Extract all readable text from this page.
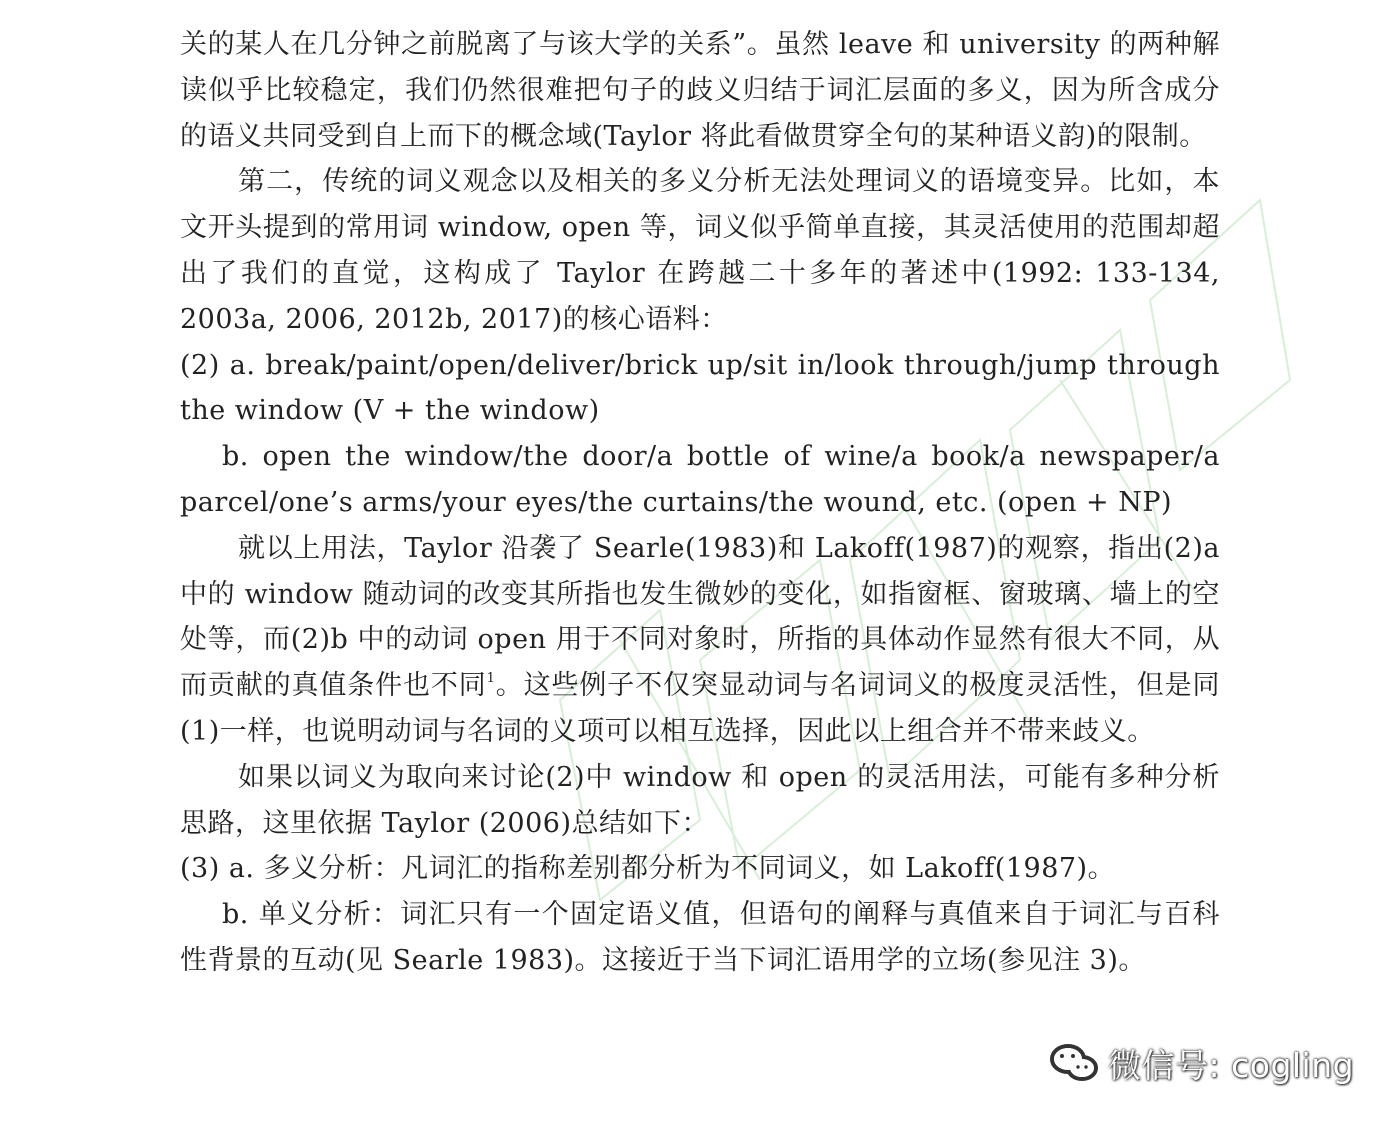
关的某人在几分钟之前脱离了与该大学的关系”。虽然 leave 和 university 的两种解读似乎比较稳定，我们仍然很难把句子的歧义归结于词汇层面的多义，因为所含成分的语义共同受到自上而下的概念域(Taylor 将此看做贯穿全句的某种语义韵)的限制。

第二，传统的词义观念以及相关的多义分析无法处理词义的语境变异。比如，本文开头提到的常用词 window, open 等，词义似乎简单直接，其灵活使用的范围却超出了我们的直觉，这构成了 Taylor 在跨越二十多年的著述中(1992: 133-134, 2003a, 2006, 2012b, 2017)的核心语料：

(2) a. break/paint/open/deliver/brick up/sit in/look through/jump through the window (V + the window)

b. open the window/the door/a bottle of wine/a book/a newspaper/a parcel/one’s arms/your eyes/the curtains/the wound, etc. (open + NP)

就以上用法，Taylor 沿袭了 Searle(1983)和 Lakoff(1987)的观察，指出(2)a 中的 window 随动词的改变其所指也发生微妙的变化，如指窗框、窗玻璃、墙上的空处等，而(2)b 中的动词 open 用于不同对象时，所指的具体动作显然有很大不同，从而贡献的真值条件也不同$^1$。这些例子不仅突显动词与名词词义的极度灵活性，但是同(1)一样，也说明动词与名词的义项可以相互选择，因此以上组合并不带来歧义。

如果以词义为取向来讨论(2)中 window 和 open 的灵活用法，可能有多种分析思路，这里依据 Taylor (2006)总结如下：

(3) a. 多义分析：凡词汇的指称差别都分析为不同词义，如 Lakoff(1987)。

b. 单义分析：词汇只有一个固定语义值，但语句的阐释与真值来自于词汇与百科性背景的互动(见 Searle 1983)。这接近于当下词汇语用学的立场(参见注 3)。

微信号: cogling
